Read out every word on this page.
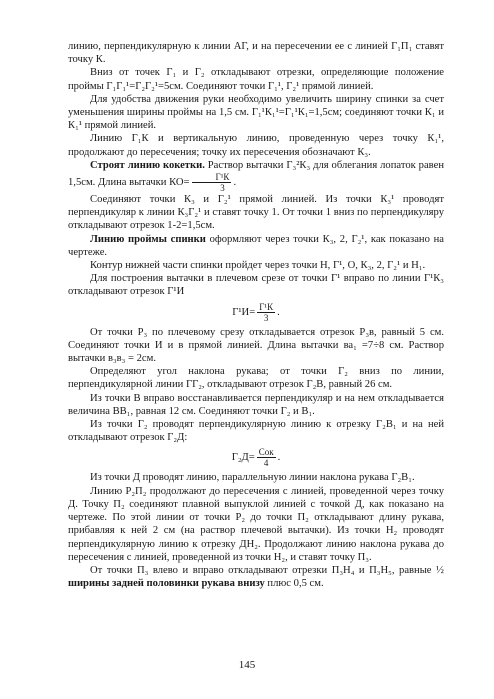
линию, перпендикулярную к линии АГ, и на пересечении ее с линией Г₁П₁ ставят точку К.

Вниз от точек Г₁ и Г₂ откладывают отрезки, определяющие положение проймы Г₁Г₁¹=Г₂Г₂¹=5см. Соединяют точки Г₁¹, Г₂¹ прямой линией.

Для удобства движения руки необходимо увеличить ширину спинки за счет уменьшения ширины проймы на 1,5 см. Г₁¹К₁¹=Г₁¹К₁=1,5см; соединяют точки К₁ и К₁¹ прямой линией.

Линию Г₁К и вертикальную линию, проведенную через точку К₁¹, продолжают до пересечения; точку их пересечения обозначают К₃.

Строят линию кокетки. Раствор вытачки Г₃²К₃ для облегания лопаток равен 1,5см. Длина вытачки $КО= \frac{\text{Г¹К}}{3}$ .

Соединяют точки К₃ и Г₂¹ прямой линией. Из точки К₃¹ проводят перпендикуляр к линии К₃Г₂¹ и ставят точку 1. От точки 1 вниз по перпендикуляру откладывают отрезок 1-2=1,5см.

Линию проймы спинки оформляют через точки К₃, 2, Г₂¹, как показано на чертеже.

Контур нижней части спинки пройдет через точки Н, Г¹, О, К₃, 2, Г₂¹ и Н₁.

Для построения вытачки в плечевом срезе от точки Г¹ вправо по линии Г¹К₃ откладывают отрезок Г¹И

$Г^1И= \frac{\text{Г¹К}}{3}$ .

От точки Р₃ по плечевому срезу откладывается отрезок Р₃в, равный 5 см. Соединяют точки И и в прямой линией. Длина вытачки ва₁ =7÷8 см. Раствор вытачки в₃в₃ = 2см.

Определяют угол наклона рукава; от точки Г₂ вниз по линии, перпендикулярной линии ГГ₂, откладывают отрезок Г₂В, равный 26 см.

Из точки В вправо восстанавливается перпендикуляр и на нем откладывается величина ВВ₁, равная 12 см. Соединяют точки Г₂ и В₁.

Из точки Г₂ проводят перпендикулярную линию к отрезку Г₂В₁ и на ней откладывают отрезок Г₂Д:

$Г_2Д= \frac{\text{Сок}}{4}$ .

Из точки Д проводят линию, параллельную линии наклона рукава Г₂В₁.

Линию Р₂П₂ продолжают до пересечения с линией, проведенной через точку Д. Точку П₂ соединяют плавной выпуклой линией с точкой Д, как показано на чертеже. По этой линии от точки Р₂ до точки П₂ откладывают длину рукава, прибавляя к ней 2 см (на раствор плечевой вытачки). Из точки Н₂ проводят перпендикулярную линию к отрезку ДН₂. Продолжают линию наклона рукава до пересечения с линией, проведенной из точки Н₂, и ставят точку П₃.

От точки П₃ влево и вправо откладывают отрезки П₃Н₄ и П₃Н₅, равные ½ ширины задней половинки рукава внизу плюс 0,5 см.

145
